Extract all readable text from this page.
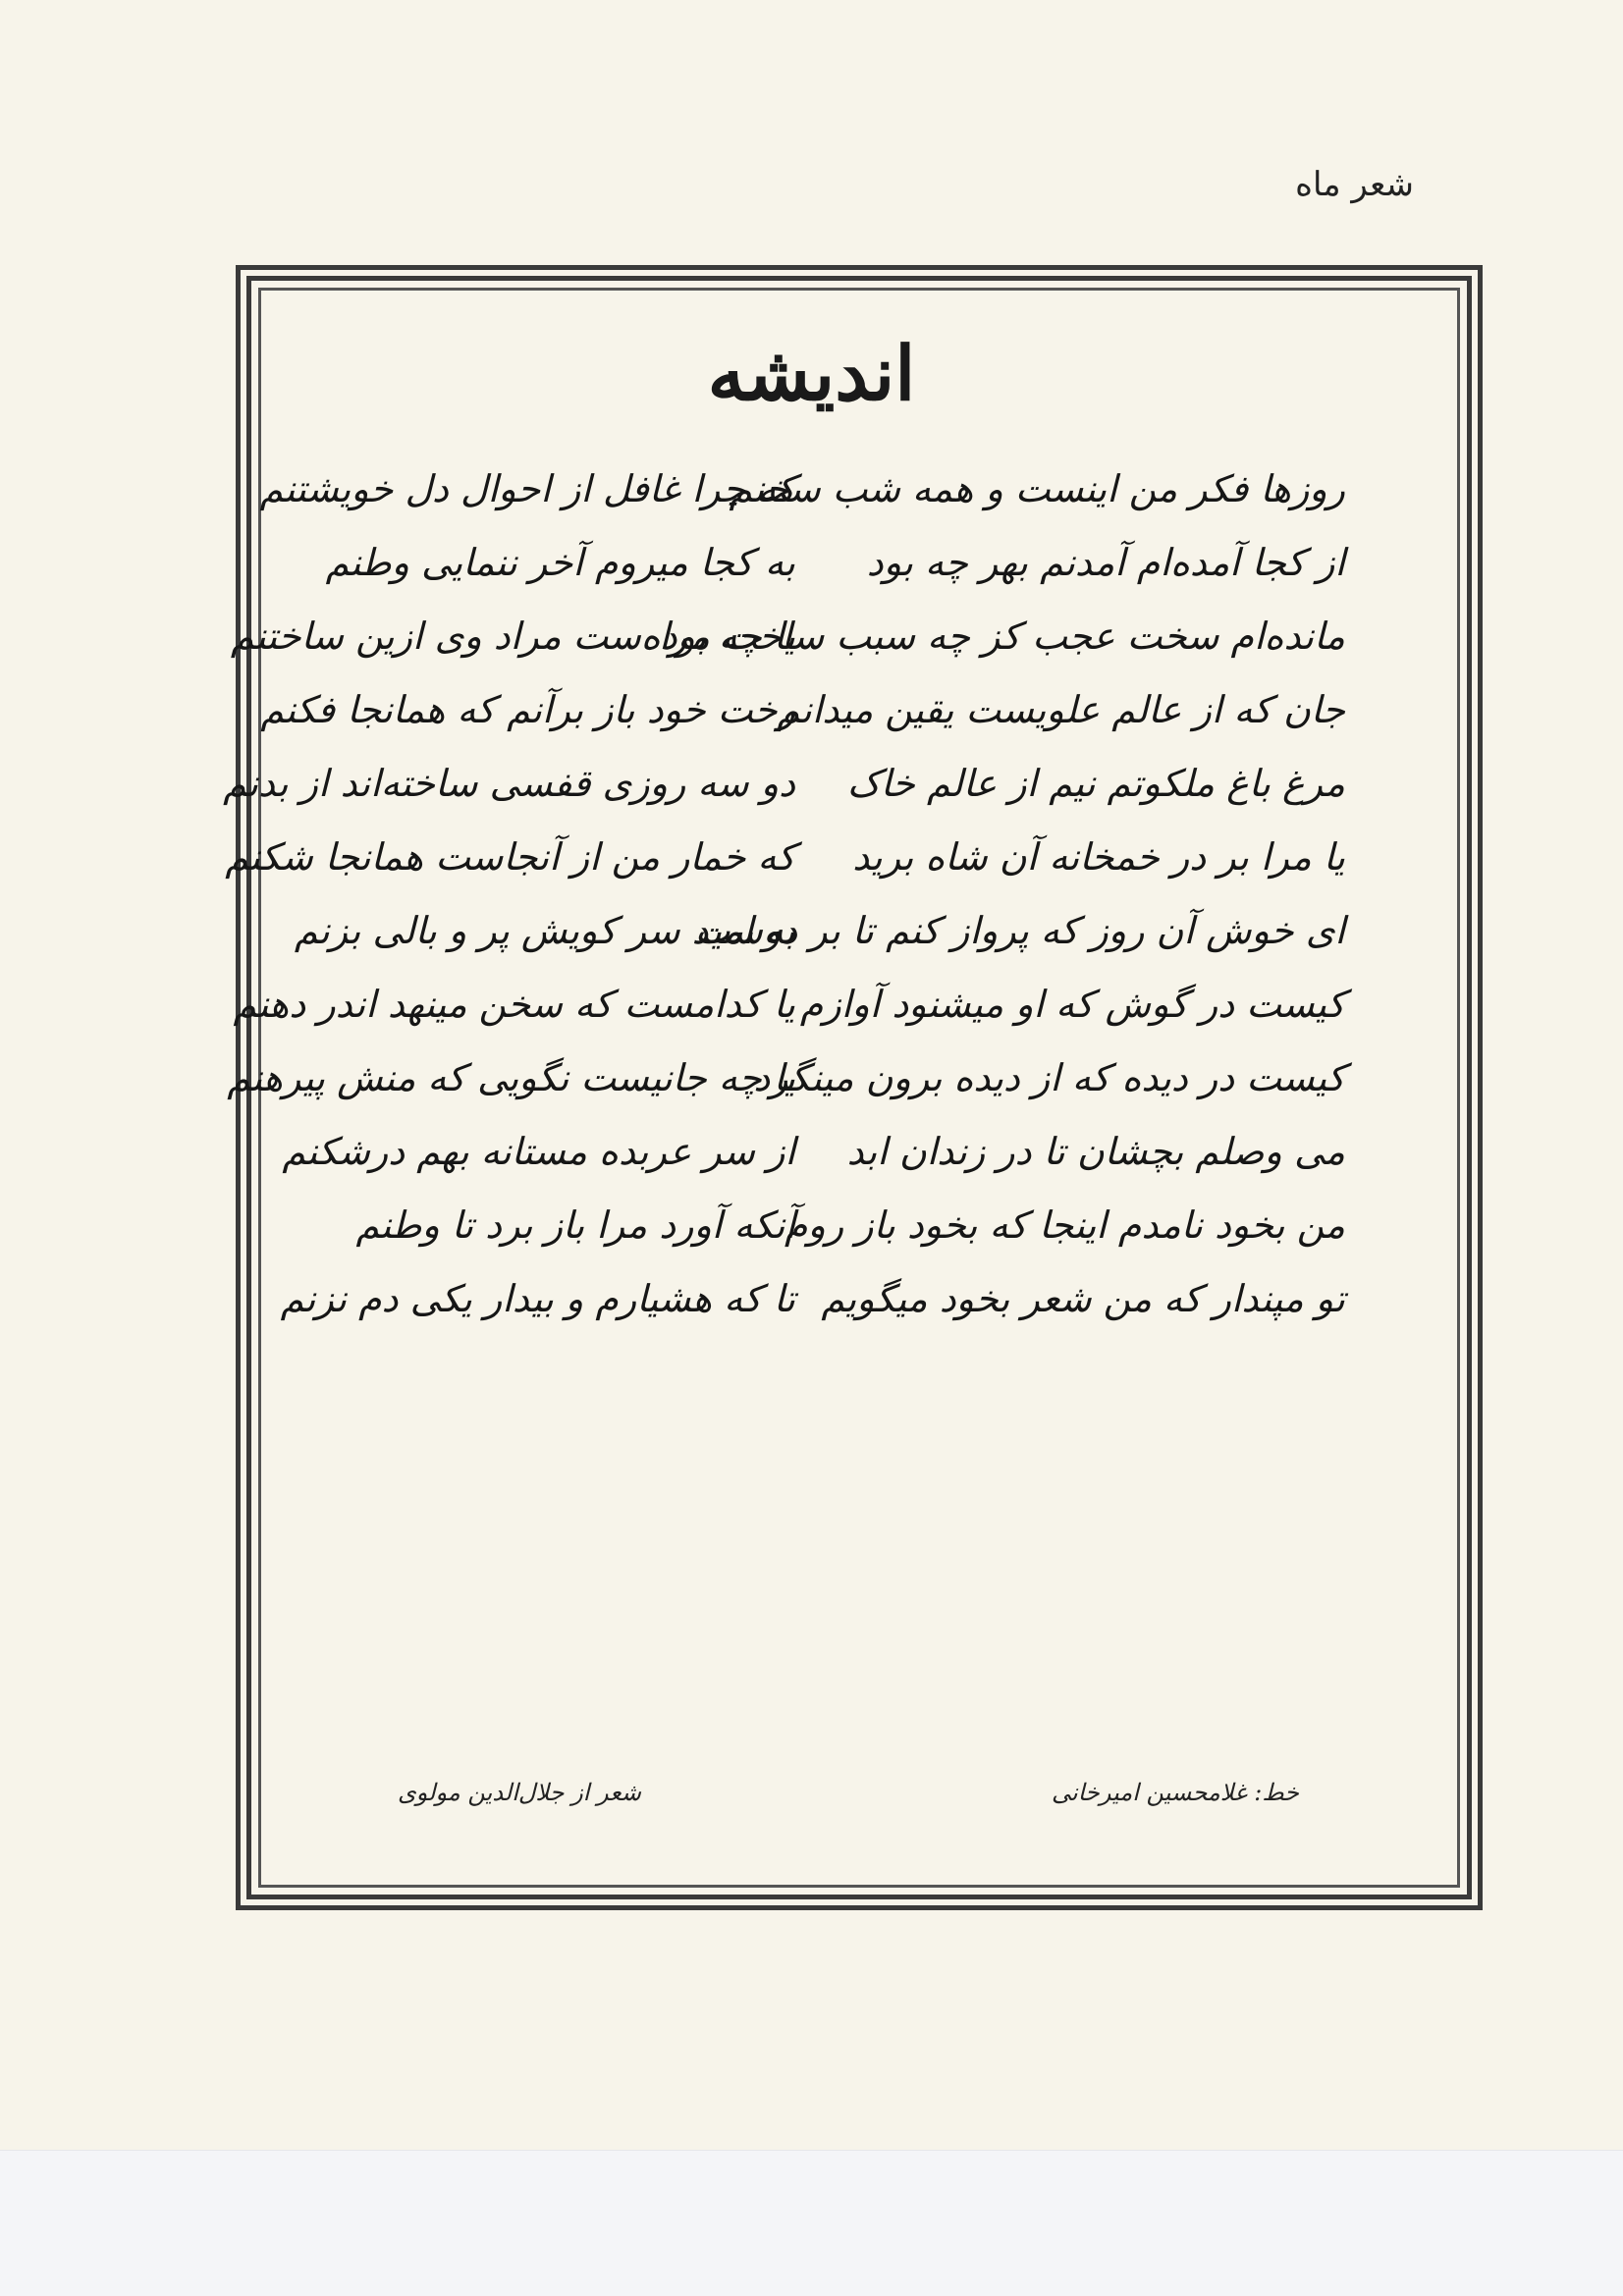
شعر ماه
اندیشه
روزها فکر من اینست و همه شب سخنم
که چرا غافل از احوال دل خویشتنم
از کجا آمده‌ام آمدنم بهر چه بود
به کجا میروم آخر ننمایی وطنم
مانده‌ام سخت عجب کز چه سبب ساخت مرا
یا چه بوده‌ست مراد وی ازین ساختنم
جان که از عالم علویست یقین میدانم
رخت خود باز برآنم که همانجا فکنم
مرغ باغ ملکوتم نیم از عالم خاک
دو سه روزی قفسی ساخته‌اند از بدنم
یا مرا بر در خمخانه آن شاه برید
که خمار من از آنجاست همانجا شکنم
ای خوش آن روز که پرواز کنم تا بر دوست
به امید سر کویش پر و بالی بزنم
کیست در گوش که او میشنود آوازم
یا کدامست که سخن مینهد اندر دهنم
کیست در دیده که از دیده برون مینگرد
یا چه جانیست نگویی که منش پیرهنم
می وصلم بچشان تا در زندان ابد
از سر عربده مستانه بهم درشکنم
من بخود نامدم اینجا که بخود باز روم
آنکه آورد مرا باز برد تا وطنم
تو مپندار که من شعر بخود میگویم
تا که هشیارم و بیدار یکی دم نزنم
خط: غلامحسین امیرخانی
شعر از جلال‌الدین مولوی
